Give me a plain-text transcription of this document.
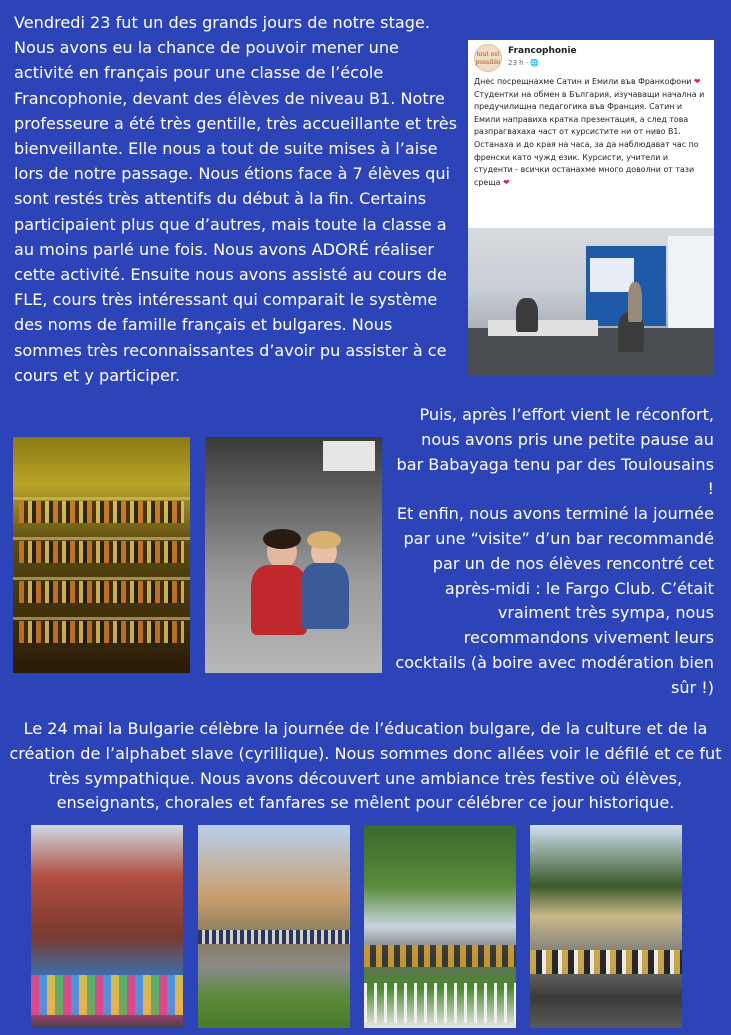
Vendredi 23 fut un des grands jours de notre stage. Nous avons eu la chance de pouvoir mener une activité en français pour une classe de l’école Francophonie, devant des élèves de niveau B1. Notre professeure a été très gentille, très accueillante et très bienveillante. Elle nous a tout de suite mises à l’aise lors de notre passage. Nous étions face à 7 élèves qui sont restés très attentifs du début à la fin. Certains participaient plus que d’autres, mais toute la classe a au moins parlé une fois. Nous avons ADORÉ réaliser cette activité. Ensuite nous avons assisté au cours de FLE, cours très intéressant qui comparait le système des noms de famille français et bulgares. Nous sommes très reconnaissantes d’avoir pu assister à ce cours et y participer.

tout est possible
Francophonie
23 h · 🌐

Днес посрещнахме Сатин и Емили във Франкофони ❤ Студентки на обмен в България, изучаващи начална и предучилищна педагогика във Франция. Сатин и Емили направиха кратка презентация, а след това разпрагвахаха част от курсистите ни от ниво B1. Останаха и до края на часа, за да наблюдават час по френски като чужд език. Курсисти, учители и студенти - всички останахме много доволни от тази среща ❤

Puis, après l’effort vient le réconfort, nous avons pris une petite pause au bar Babayaga tenu par des Toulousains !
Et enfin, nous avons terminé la journée par une “visite” d’un bar recommandé par un de nos élèves rencontré cet après-midi : le Fargo Club. C’était vraiment très sympa, nous recommandons vivement leurs cocktails (à boire avec modération bien sûr !)

Le 24 mai la Bulgarie célèbre la journée de l’éducation bulgare, de la culture et de la création de l’alphabet slave (cyrillique). Nous sommes donc allées voir le défilé et ce fut très sympathique. Nous avons découvert une ambiance très festive où élèves, enseignants, chorales et fanfares se mêlent pour célébrer ce jour historique.
